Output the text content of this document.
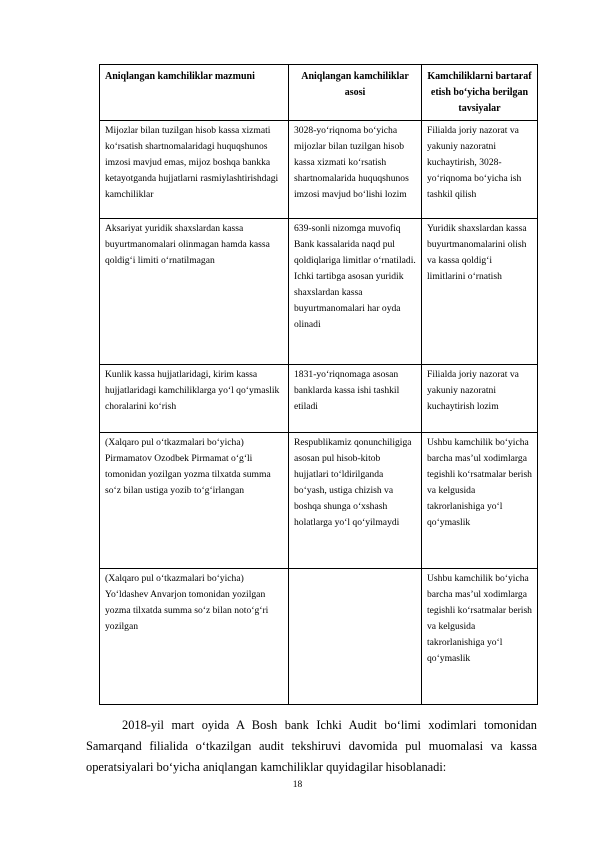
Aniqlangan kamchiliklar mazmuni	Aniqlangan kamchiliklar asosi	Kamchiliklarni bartaraf etish bo‘yicha berilgan tavsiyalar
Mijozlar bilan tuzilgan hisob kassa xizmati ko‘rsatish shartnomalaridagi huquqshunos imzosi mavjud emas, mijoz boshqa bankka ketayotganda hujjatlarni rasmiylashtirishdagi kamchiliklar	3028-yo‘riqnoma bo‘yicha mijozlar bilan tuzilgan hisob kassa xizmati ko‘rsatish shartnomalarida huquqshunos imzosi mavjud bo‘lishi lozim	Filialda joriy nazorat va yakuniy nazoratni kuchaytirish, 3028-yo‘riqnoma bo‘yicha ish tashkil qilish
Aksariyat yuridik shaxslardan kassa buyurtmanomalari olinmagan hamda kassa qoldig‘i limiti o‘rnatilmagan	639-sonli nizomga muvofiq Bank kassalarida naqd pul qoldiqlariga limitlar o‘rnatiladi. Ichki tartibga asosan yuridik shaxslardan kassa buyurtmanomalari har oyda olinadi	Yuridik shaxslardan kassa buyurtmanomalarini olish va kassa qoldig‘i limitlarini o‘rnatish
Kunlik kassa hujjatlaridagi, kirim kassa hujjatlaridagi kamchiliklarga yo‘l qo‘ymaslik choralarini ko‘rish	1831-yo‘riqnomaga asosan banklarda kassa ishi tashkil etiladi	Filialda joriy nazorat va yakuniy nazoratni kuchaytirish lozim
(Xalqaro pul o‘tkazmalari bo‘yicha) Pirmamatov Ozodbek Pirmamat o‘g‘li tomonidan yozilgan yozma tilxatda summa so‘z bilan ustiga yozib to‘g‘irlangan	Respublikamiz qonunchiligiga asosan pul hisob-kitob hujjatlari to‘ldirilganda bo‘yash, ustiga chizish va boshqa shunga o‘xshash holatlarga yo‘l qo‘yilmaydi	Ushbu kamchilik bo‘yicha barcha mas’ul xodimlarga tegishli ko‘rsatmalar berish va kelgusida takrorlanishiga yo‘l qo‘ymaslik
(Xalqaro pul o‘tkazmalari bo‘yicha) Yo‘ldashev Anvarjon tomonidan yozilgan yozma tilxatda summa so‘z bilan noto‘g‘ri yozilgan		Ushbu kamchilik bo‘yicha barcha mas’ul xodimlarga tegishli ko‘rsatmalar berish va kelgusida takrorlanishiga yo‘l qo‘ymaslik
2018-yil mart oyida A Bosh bank Ichki Audit bo‘limi xodimlari tomonidan Samarqand filialida o‘tkazilgan audit tekshiruvi davomida pul muomalasi va kassa operatsiyalari bo‘yicha aniqlangan kamchiliklar quyidagilar hisoblanadi:
18
